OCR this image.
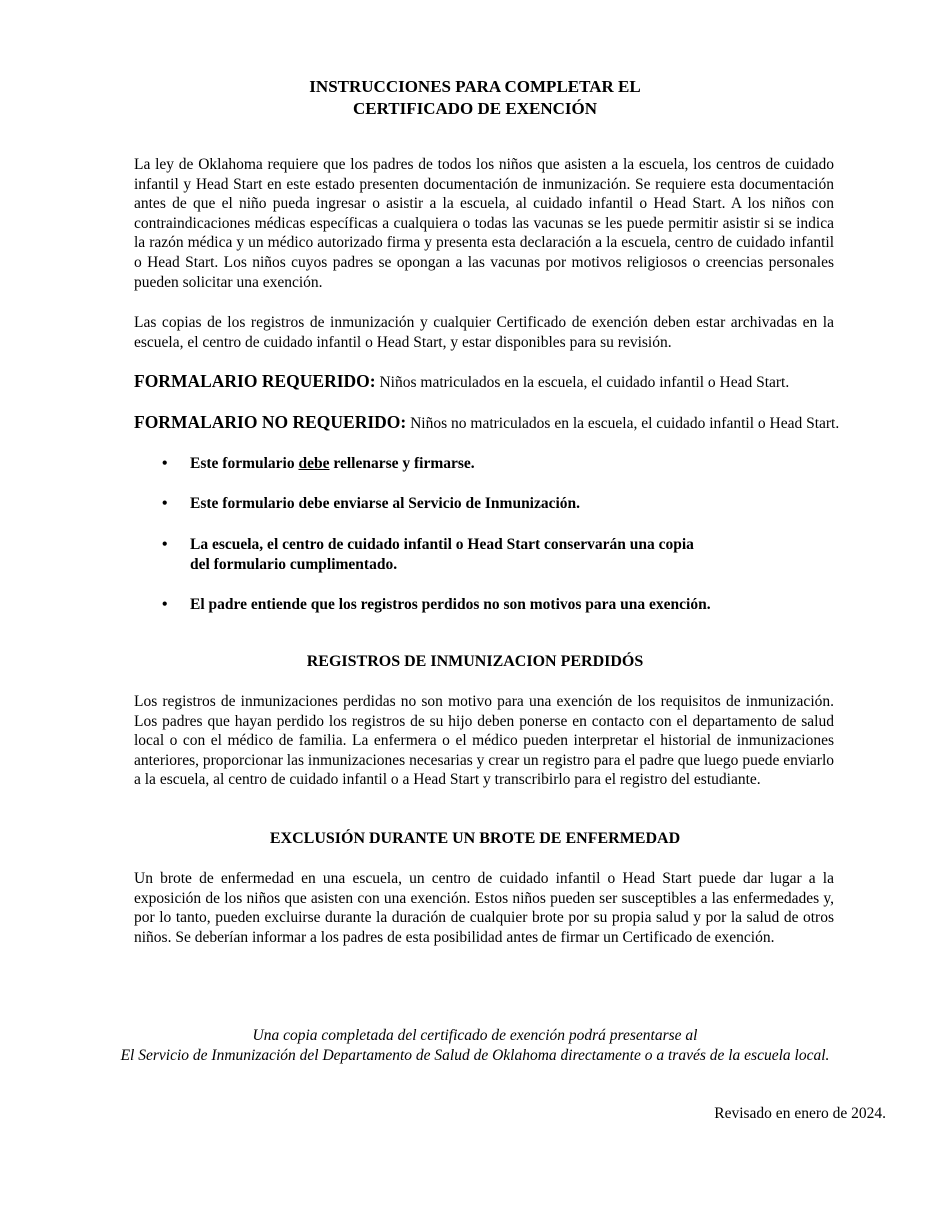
INSTRUCCIONES PARA COMPLETAR EL
CERTIFICADO DE EXENCIÓN
La ley de Oklahoma requiere que los padres de todos los niños que asisten a la escuela, los centros de cuidado infantil y Head Start en este estado presenten documentación de inmunización. Se requiere esta documentación antes de que el niño pueda ingresar o asistir a la escuela, al cuidado infantil o Head Start. A los niños con contraindicaciones médicas específicas a cualquiera o todas las vacunas se les puede permitir asistir si se indica la razón médica y un médico autorizado firma y presenta esta declaración a la escuela, centro de cuidado infantil o Head Start. Los niños cuyos padres se opongan a las vacunas por motivos religiosos o creencias personales pueden solicitar una exención.
Las copias de los registros de inmunización y cualquier Certificado de exención deben estar archivadas en la escuela, el centro de cuidado infantil o Head Start, y estar disponibles para su revisión.
FORMALARIO REQUERIDO: Niños matriculados en la escuela, el cuidado infantil o Head Start.
FORMALARIO NO REQUERIDO: Niños no matriculados en la escuela, el cuidado infantil o Head Start.
• Este formulario debe rellenarse y firmarse.
• Este formulario debe enviarse al Servicio de Inmunización.
• La escuela, el centro de cuidado infantil o Head Start conservarán una copia
del formulario cumplimentado.
• El padre entiende que los registros perdidos no son motivos para una exención.
REGISTROS DE INMUNIZACION PERDIDÓS
Los registros de inmunizaciones perdidas no son motivo para una exención de los requisitos de inmunización. Los padres que hayan perdido los registros de su hijo deben ponerse en contacto con el departamento de salud local o con el médico de familia. La enfermera o el médico pueden interpretar el historial de inmunizaciones anteriores, proporcionar las inmunizaciones necesarias y crear un registro para el padre que luego puede enviarlo a la escuela, al centro de cuidado infantil o a Head Start y transcribirlo para el registro del estudiante.
EXCLUSIÓN DURANTE UN BROTE DE ENFERMEDAD
Un brote de enfermedad en una escuela, un centro de cuidado infantil o Head Start puede dar lugar a la exposición de los niños que asisten con una exención. Estos niños pueden ser susceptibles a las enfermedades y, por lo tanto, pueden excluirse durante la duración de cualquier brote por su propia salud y por la salud de otros niños. Se deberían informar a los padres de esta posibilidad antes de firmar un Certificado de exención.
Una copia completada del certificado de exención podrá presentarse al
El Servicio de Inmunización del Departamento de Salud de Oklahoma directamente o a través de la escuela local.
Revisado en enero de 2024.
